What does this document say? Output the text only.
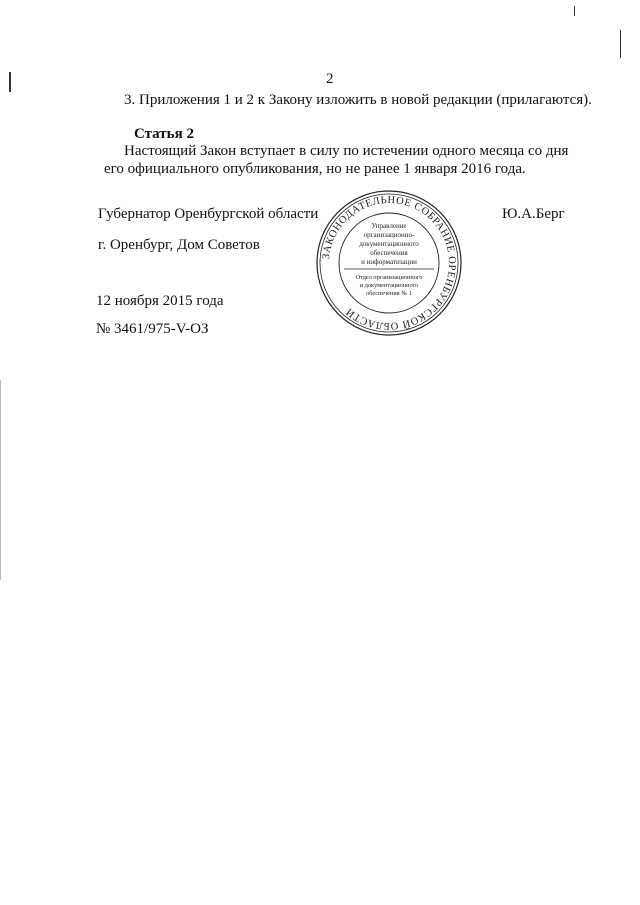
2
3. Приложения 1 и 2 к Закону изложить в новой редакции (прилагаются).
Статья 2
Настоящий Закон вступает в силу по истечении одного месяца со дня
его официального опубликования, но не ранее 1 января 2016 года.
Губернатор Оренбургской области	Ю.А.Берг
г. Оренбург, Дом Советов
12 ноября 2015 года
№ 3461/975-V-ОЗ
ЗАКОНОДАТЕЛЬНОЕ СОБРАНИЕ ОРЕНБУРГСКОЙ ОБЛАСТИ
Управление
организационно-
документационного
обеспечения
и информатизации
Отдел организационного
и документационного
обеспечения № 1
